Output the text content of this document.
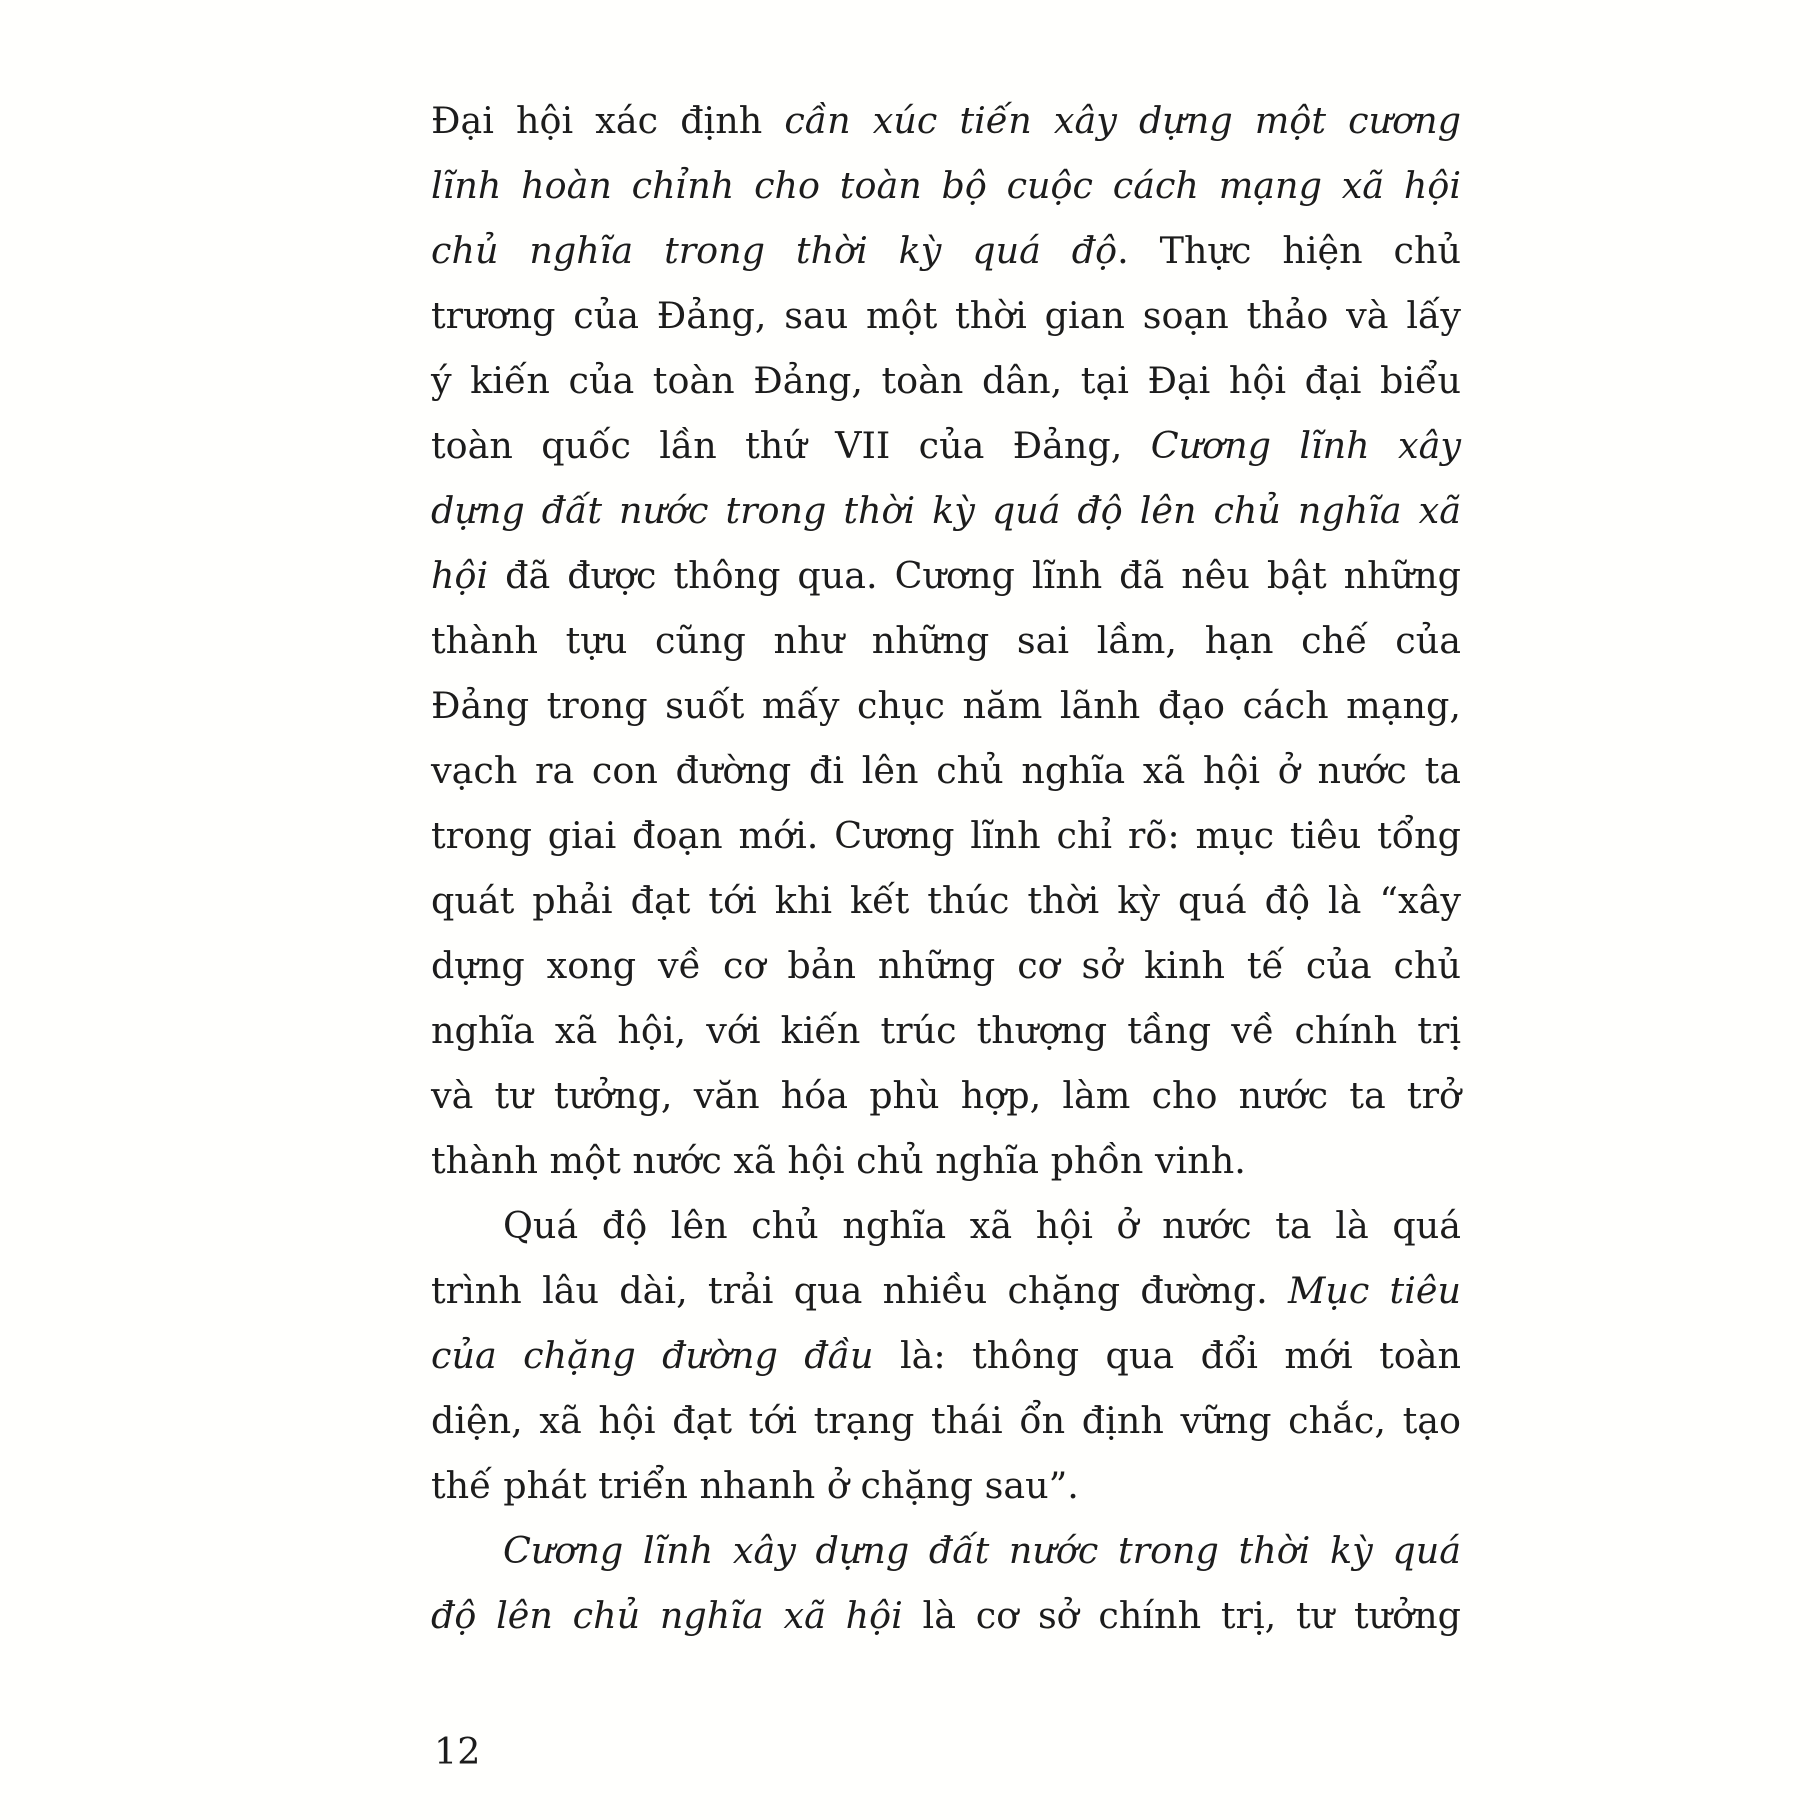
Đại hội xác định cần xúc tiến xây dựng một cương
lĩnh hoàn chỉnh cho toàn bộ cuộc cách mạng xã hội
chủ nghĩa trong thời kỳ quá độ. Thực hiện chủ
trương của Đảng, sau một thời gian soạn thảo và lấy
ý kiến của toàn Đảng, toàn dân, tại Đại hội đại biểu
toàn quốc lần thứ VII của Đảng, Cương lĩnh xây
dựng đất nước trong thời kỳ quá độ lên chủ nghĩa xã
hội đã được thông qua. Cương lĩnh đã nêu bật những
thành tựu cũng như những sai lầm, hạn chế của
Đảng trong suốt mấy chục năm lãnh đạo cách mạng,
vạch ra con đường đi lên chủ nghĩa xã hội ở nước ta
trong giai đoạn mới. Cương lĩnh chỉ rõ: mục tiêu tổng
quát phải đạt tới khi kết thúc thời kỳ quá độ là “xây
dựng xong về cơ bản những cơ sở kinh tế của chủ
nghĩa xã hội, với kiến trúc thượng tầng về chính trị
và tư tưởng, văn hóa phù hợp, làm cho nước ta trở
thành một nước xã hội chủ nghĩa phồn vinh.
Quá độ lên chủ nghĩa xã hội ở nước ta là quá
trình lâu dài, trải qua nhiều chặng đường. Mục tiêu
của chặng đường đầu là: thông qua đổi mới toàn
diện, xã hội đạt tới trạng thái ổn định vững chắc, tạo
thế phát triển nhanh ở chặng sau”.
Cương lĩnh xây dựng đất nước trong thời kỳ quá
độ lên chủ nghĩa xã hội là cơ sở chính trị, tư tưởng
12
